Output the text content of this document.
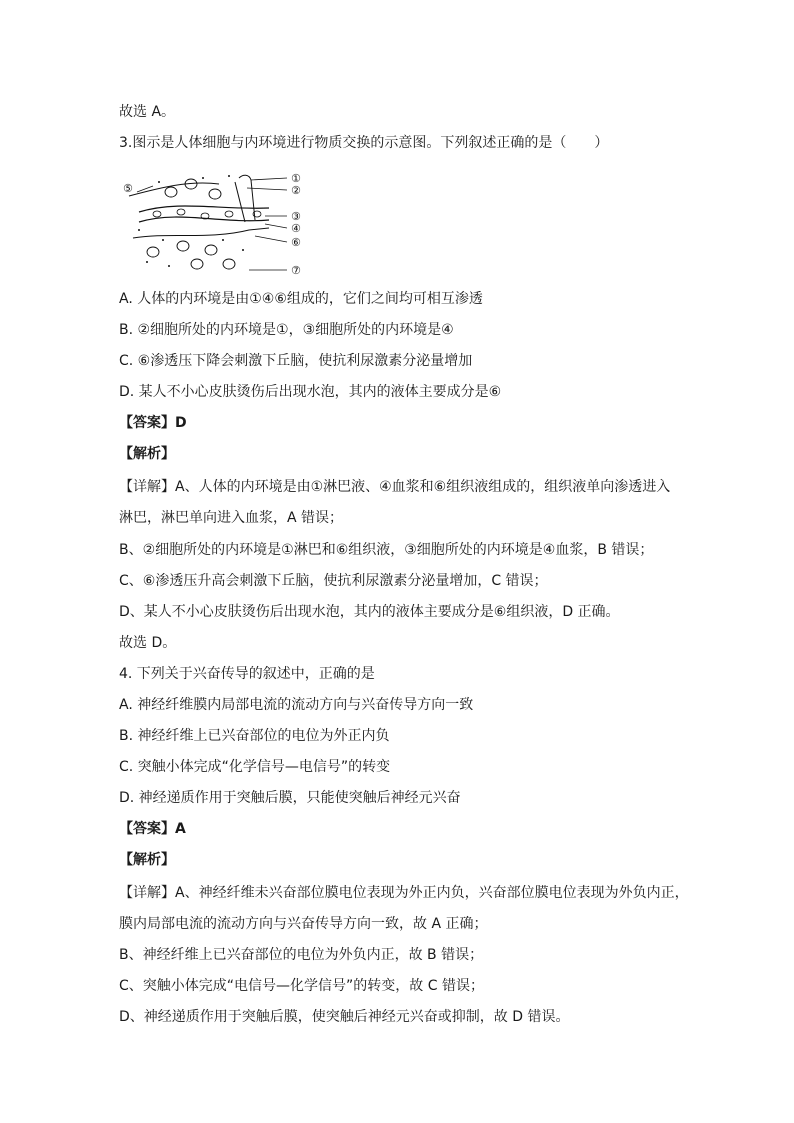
故选 A。
3.图示是人体细胞与内环境进行物质交换的示意图。下列叙述正确的是（　　）
①
②
③
④
⑤
⑥
⑦
A. 人体的内环境是由①④⑥组成的，它们之间均可相互渗透
B. ②细胞所处的内环境是①，③细胞所处的内环境是④
C. ⑥渗透压下降会刺激下丘脑，使抗利尿激素分泌量增加
D. 某人不小心皮肤烫伤后出现水泡，其内的液体主要成分是⑥
【答案】D
【解析】
【详解】A、人体的内环境是由①淋巴液、④血浆和⑥组织液组成的，组织液单向渗透进入
淋巴，淋巴单向进入血浆，A 错误；
B、②细胞所处的内环境是①淋巴和⑥组织液，③细胞所处的内环境是④血浆，B 错误；
C、⑥渗透压升高会刺激下丘脑，使抗利尿激素分泌量增加，C 错误；
D、某人不小心皮肤烫伤后出现水泡，其内的液体主要成分是⑥组织液，D 正确。
故选 D。
4. 下列关于兴奋传导的叙述中，正确的是
A. 神经纤维膜内局部电流的流动方向与兴奋传导方向一致
B. 神经纤维上已兴奋部位的电位为外正内负
C. 突触小体完成“化学信号—电信号”的转变
D. 神经递质作用于突触后膜，只能使突触后神经元兴奋
【答案】A
【解析】
【详解】A、神经纤维未兴奋部位膜电位表现为外正内负，兴奋部位膜电位表现为外负内正，
膜内局部电流的流动方向与兴奋传导方向一致，故 A 正确；
B、神经纤维上已兴奋部位的电位为外负内正，故 B 错误；
C、突触小体完成“电信号—化学信号”的转变，故 C 错误；
D、神经递质作用于突触后膜，使突触后神经元兴奋或抑制，故 D 错误。
